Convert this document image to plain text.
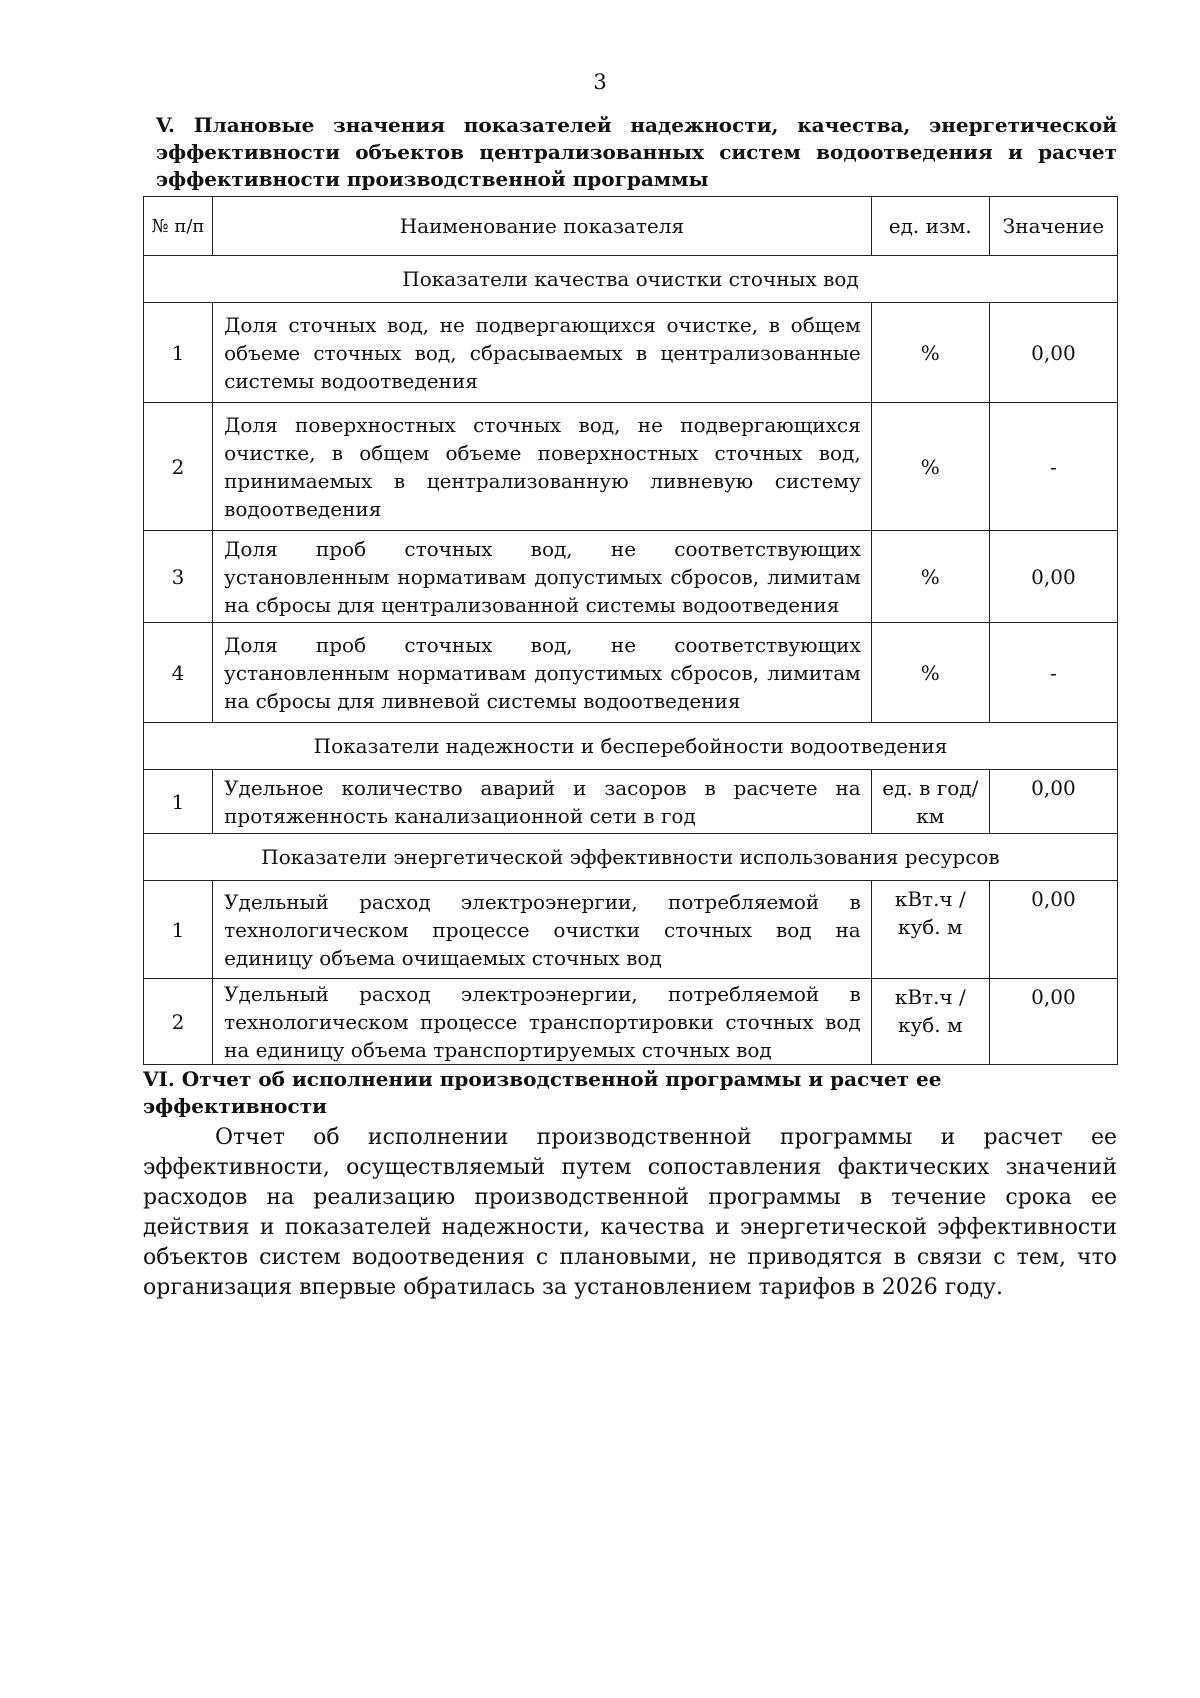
3
V. Плановые значения показателей надежности, качества, энергетической эффективности объектов централизованных систем водоотведения и расчет эффективности производственной программы
№ п/п	Наименование показателя	ед. изм.	Значение
Показатели качества очистки сточных вод			
1	Доля сточных вод, не подвергающихся очистке, в общем объеме сточных вод, сбрасываемых в централизованные системы водоотведения	%	0,00
2	Доля поверхностных сточных вод, не подвергающихся очистке, в общем объеме поверхностных сточных вод, принимаемых в централизованную ливневую систему водоотведения	%	-
3	Доля проб сточных вод, не соответствующих установленным нормативам допустимых сбросов, лимитам на сбросы для централизованной системы водоотведения	%	0,00
4	Доля проб сточных вод, не соответствующих установленным нормативам допустимых сбросов, лимитам на сбросы для ливневой системы водоотведения	%	-
Показатели надежности и бесперебойности водоотведения			
1	Удельное количество аварий и засоров в расчете на протяженность канализационной сети в год	ед. в год/ км	0,00
Показатели энергетической эффективности использования ресурсов			
1	Удельный расход электроэнергии, потребляемой в технологическом процессе очистки сточных вод на единицу объема очищаемых сточных вод	кВт.ч / куб. м	0,00
2	Удельный расход электроэнергии, потребляемой в технологическом процессе транспортировки сточных вод на единицу объема транспортируемых сточных вод	кВт.ч / куб. м	0,00
VI. Отчет об исполнении производственной программы и расчет ее эффективности
Отчет об исполнении производственной программы и расчет ее эффективности, осуществляемый путем сопоставления фактических значений расходов на реализацию производственной программы в течение срока ее действия и показателей надежности, качества и энергетической эффективности объектов систем водоотведения с плановыми, не приводятся в связи с тем, что организация впервые обратилась за установлением тарифов в 2026 году.
